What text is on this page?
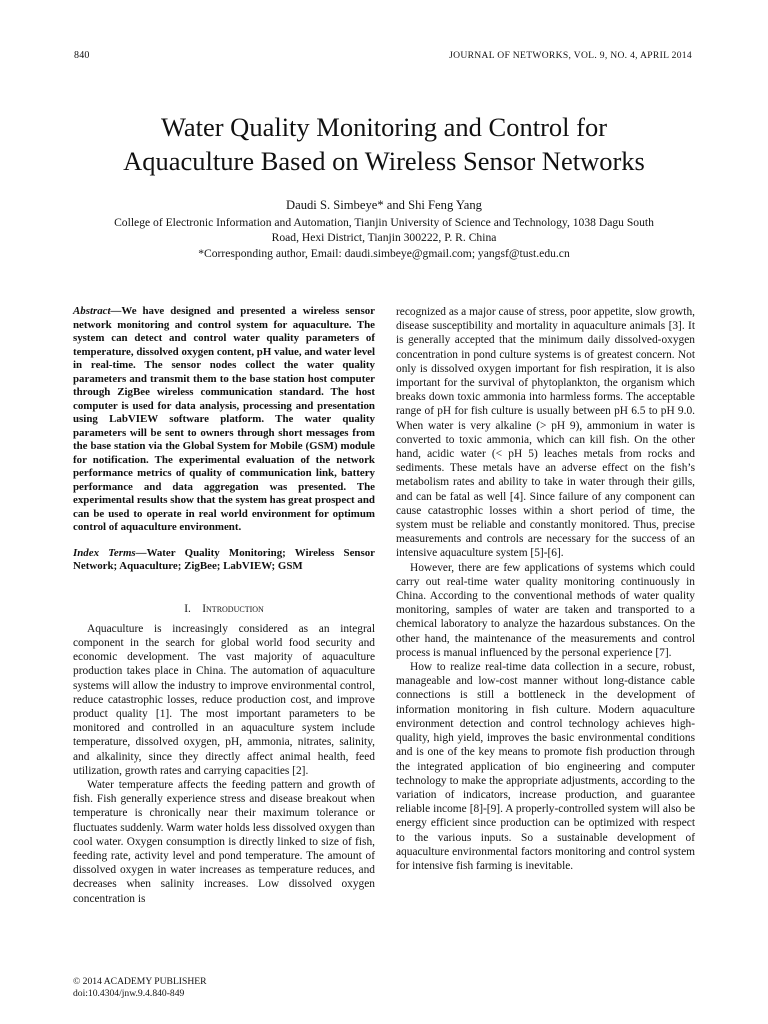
840	JOURNAL OF NETWORKS, VOL. 9, NO. 4, APRIL 2014
Water Quality Monitoring and Control for
Aquaculture Based on Wireless Sensor Networks
Daudi S. Simbeye* and Shi Feng Yang
College of Electronic Information and Automation, Tianjin University of Science and Technology, 1038 Dagu South
Road, Hexi District, Tianjin 300222, P. R. China
*Corresponding author, Email: daudi.simbeye@gmail.com; yangsf@tust.edu.cn
Abstract—We have designed and presented a wireless sensor network monitoring and control system for aquaculture. The system can detect and control water quality parameters of temperature, dissolved oxygen content, pH value, and water level in real-time. The sensor nodes collect the water quality parameters and transmit them to the base station host computer through ZigBee wireless communication standard. The host computer is used for data analysis, processing and presentation using LabVIEW software platform. The water quality parameters will be sent to owners through short messages from the base station via the Global System for Mobile (GSM) module for notification. The experimental evaluation of the network performance metrics of quality of communication link, battery performance and data aggregation was presented. The experimental results show that the system has great prospect and can be used to operate in real world environment for optimum control of aquaculture environment.
Index Terms—Water Quality Monitoring; Wireless Sensor Network; Aquaculture; ZigBee; LabVIEW; GSM
I. Introduction

Aquaculture is increasingly considered as an integral component in the search for global world food security and economic development. The vast majority of aquaculture production takes place in China. The automation of aquaculture systems will allow the industry to improve environmental control, reduce catastrophic losses, reduce production cost, and improve product quality [1]. The most important parameters to be monitored and controlled in an aquaculture system include temperature, dissolved oxygen, pH, ammonia, nitrates, salinity, and alkalinity, since they directly affect animal health, feed utilization, growth rates and carrying capacities [2].

Water temperature affects the feeding pattern and growth of fish. Fish generally experience stress and disease breakout when temperature is chronically near their maximum tolerance or fluctuates suddenly. Warm water holds less dissolved oxygen than cool water. Oxygen consumption is directly linked to size of fish, feeding rate, activity level and pond temperature. The amount of dissolved oxygen in water increases as temperature reduces, and decreases when salinity increases. Low dissolved oxygen concentration is

recognized as a major cause of stress, poor appetite, slow growth, disease susceptibility and mortality in aquaculture animals [3]. It is generally accepted that the minimum daily dissolved-oxygen concentration in pond culture systems is of greatest concern. Not only is dissolved oxygen important for fish respiration, it is also important for the survival of phytoplankton, the organism which breaks down toxic ammonia into harmless forms. The acceptable range of pH for fish culture is usually between pH 6.5 to pH 9.0. When water is very alkaline (> pH 9), ammonium in water is converted to toxic ammonia, which can kill fish. On the other hand, acidic water (< pH 5) leaches metals from rocks and sediments. These metals have an adverse effect on the fish’s metabolism rates and ability to take in water through their gills, and can be fatal as well [4]. Since failure of any component can cause catastrophic losses within a short period of time, the system must be reliable and constantly monitored. Thus, precise measurements and controls are necessary for the success of an intensive aquaculture system [5]-[6].

However, there are few applications of systems which could carry out real-time water quality monitoring continuously in China. According to the conventional methods of water quality monitoring, samples of water are taken and transported to a chemical laboratory to analyze the hazardous substances. On the other hand, the maintenance of the measurements and control process is manual influenced by the personal experience [7].

How to realize real-time data collection in a secure, robust, manageable and low-cost manner without long-distance cable connections is still a bottleneck in the development of information monitoring in fish culture. Modern aquaculture environment detection and control technology achieves high-quality, high yield, improves the basic environmental conditions and is one of the key means to promote fish production through the integrated application of bio engineering and computer technology to make the appropriate adjustments, according to the variation of indicators, increase production, and guarantee reliable income [8]-[9]. A properly-controlled system will also be energy efficient since production can be optimized with respect to the various inputs. So a sustainable development of aquaculture environmental factors monitoring and control system for intensive fish farming is inevitable.

© 2014 ACADEMY PUBLISHER
doi:10.4304/jnw.9.4.840-849
